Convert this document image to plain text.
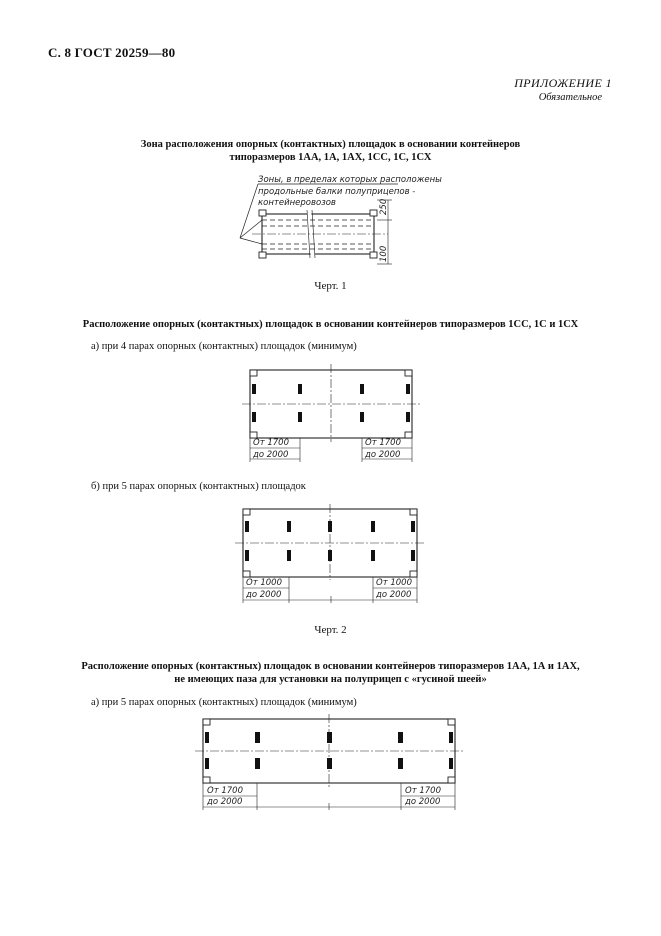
С. 8 ГОСТ 20259—80
ПРИЛОЖЕНИЕ 1
Обязательное
Зона расположения опорных (контактных) площадок в основании контейнеров
типоразмеров 1АА, 1А, 1АХ, 1СС, 1С, 1СХ
Зоны, в пределах которых расположены
продольные балки полуприцепов -
контейнеровозов	250
100
Черт. 1
Расположение опорных (контактных) площадок в основании контейнеров типоразмеров 1СС, 1С и 1СХ
а) при 4 парах опорных (контактных) площадок (минимум)
От 1700
до 2000
От 1700
до 2000
б) при 5 парах опорных (контактных) площадок
От 1000
до 2000
От 1000
до 2000
Черт. 2
Расположение опорных (контактных) площадок в основании контейнеров типоразмеров 1АА, 1А и 1АХ,
не имеющих паза для установки на полуприцеп с «гусиной шеей»
а) при 5 парах опорных (контактных) площадок (минимум)
От 1700
до 2000
От 1700
до 2000
